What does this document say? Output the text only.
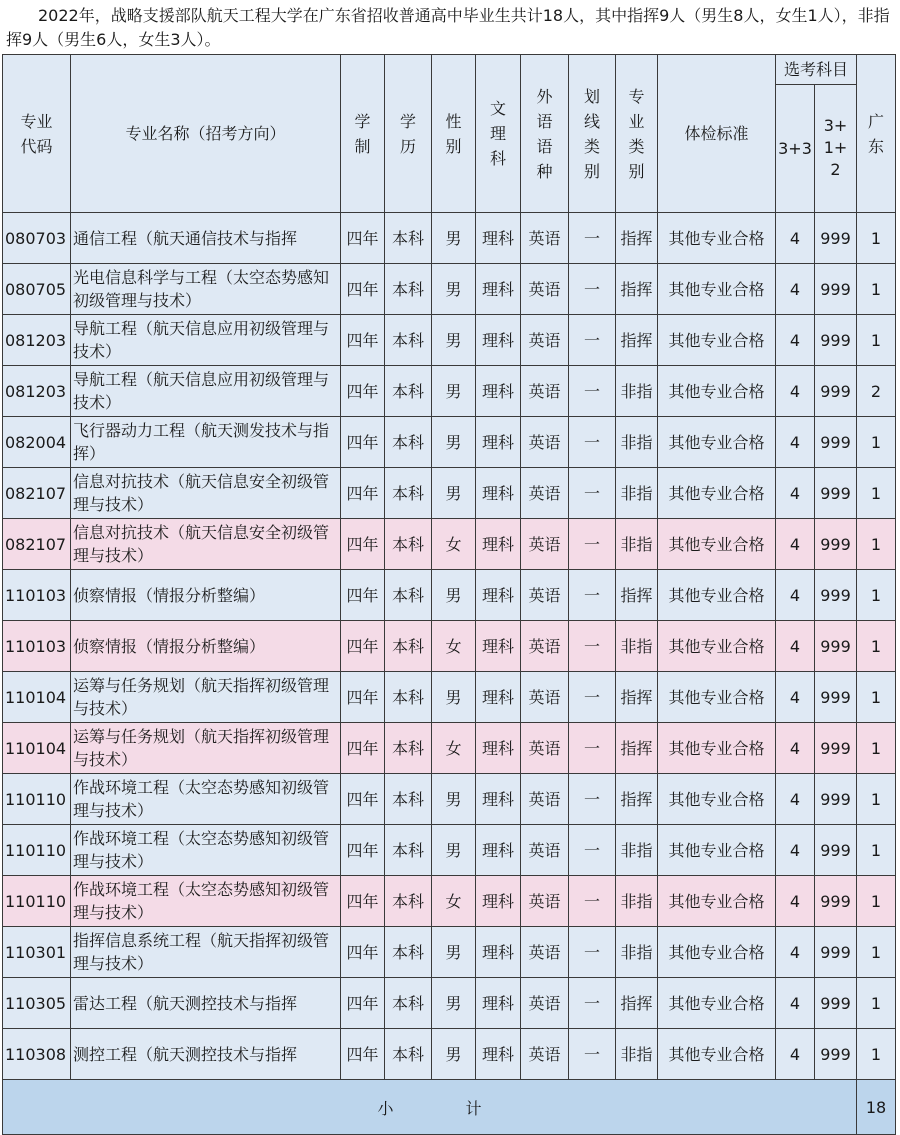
2022年，战略支援部队航天工程大学在广东省招收普通高中毕业生共计18人，其中指挥9人（男生8人，女生1人），非指挥9人（男生6人，女生3人）。
专业代码	专业名称（招考方向）	学制	学历	性别	文理科	外语语种	划线类别	专业类别	体检标准	选考科目		广东
										3+3	3+1+2	
080703	通信工程（航天通信技术与指挥	四年	本科	男	理科	英语	一	指挥	其他专业合格	4	999	1
080705	光电信息科学与工程（太空态势感知初级管理与技术）	四年	本科	男	理科	英语	一	指挥	其他专业合格	4	999	1
081203	导航工程（航天信息应用初级管理与技术）	四年	本科	男	理科	英语	一	指挥	其他专业合格	4	999	1
081203	导航工程（航天信息应用初级管理与技术）	四年	本科	男	理科	英语	一	非指	其他专业合格	4	999	2
082004	飞行器动力工程（航天测发技术与指挥）	四年	本科	男	理科	英语	一	非指	其他专业合格	4	999	1
082107	信息对抗技术（航天信息安全初级管理与技术）	四年	本科	男	理科	英语	一	非指	其他专业合格	4	999	1
082107	信息对抗技术（航天信息安全初级管理与技术）	四年	本科	女	理科	英语	一	非指	其他专业合格	4	999	1
110103	侦察情报（情报分析整编）	四年	本科	男	理科	英语	一	指挥	其他专业合格	4	999	1
110103	侦察情报（情报分析整编）	四年	本科	女	理科	英语	一	非指	其他专业合格	4	999	1
110104	运筹与任务规划（航天指挥初级管理与技术）	四年	本科	男	理科	英语	一	指挥	其他专业合格	4	999	1
110104	运筹与任务规划（航天指挥初级管理与技术）	四年	本科	女	理科	英语	一	指挥	其他专业合格	4	999	1
110110	作战环境工程（太空态势感知初级管理与技术）	四年	本科	男	理科	英语	一	指挥	其他专业合格	4	999	1
110110	作战环境工程（太空态势感知初级管理与技术）	四年	本科	男	理科	英语	一	非指	其他专业合格	4	999	1
110110	作战环境工程（太空态势感知初级管理与技术）	四年	本科	女	理科	英语	一	非指	其他专业合格	4	999	1
110301	指挥信息系统工程（航天指挥初级管理与技术）	四年	本科	男	理科	英语	一	非指	其他专业合格	4	999	1
110305	雷达工程（航天测控技术与指挥	四年	本科	男	理科	英语	一	指挥	其他专业合格	4	999	1
110308	测控工程（航天测控技术与指挥	四年	本科	男	理科	英语	一	非指	其他专业合格	4	999	1
小 计												18
